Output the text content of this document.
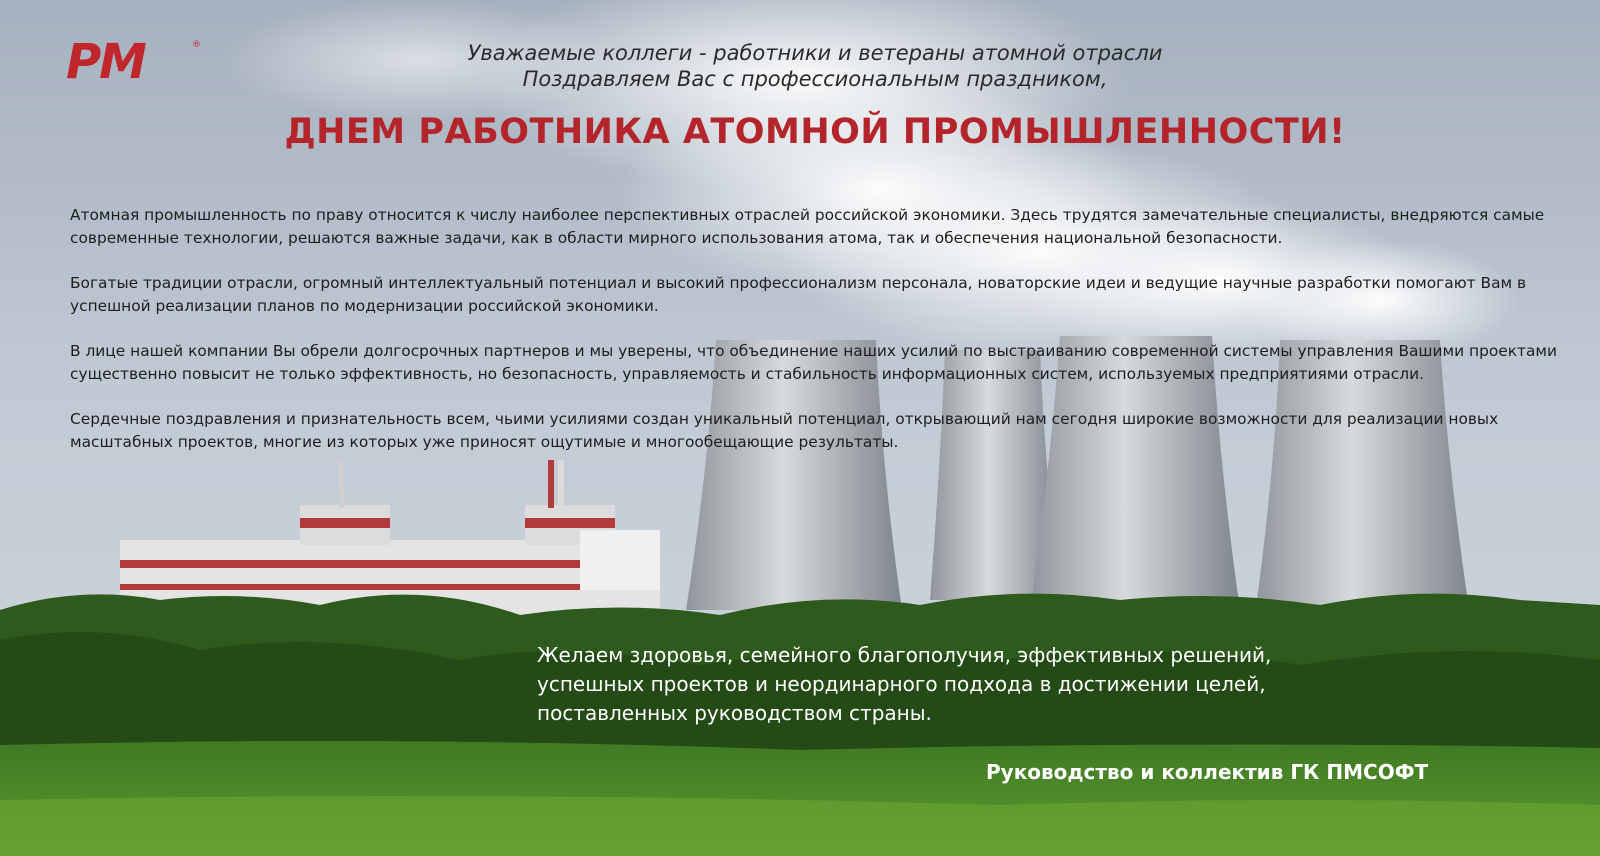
PM	®	Уважаемые коллеги - работники и ветераны атомной отрасли
Поздравляем Вас с профессиональным праздником,
ДНЕМ РАБОТНИКА АТОМНОЙ ПРОМЫШЛЕННОСТИ!

Атомная промышленность по праву относится к числу наиболее перспективных отраслей российской экономики. Здесь трудятся замечательные специалисты, внедряются самые современные технологии, решаются важные задачи, как в области мирного использования атома, так и обеспечения национальной безопасности.

Богатые традиции отрасли, огромный интеллектуальный потенциал и высокий профессионализм персонала, новаторские идеи и ведущие научные разработки помогают Вам в успешной реализации планов по модернизации российской экономики.

В лице нашей компании Вы обрели долгосрочных партнеров и мы уверены, что объединение наших усилий по выстраиванию современной системы управления Вашими проектами существенно повысит не только эффективность, но безопасность, управляемость и стабильность информационных систем, используемых предприятиями отрасли.

Сердечные поздравления и признательность всем, чьими усилиями создан уникальный потенциал, открывающий нам сегодня широкие возможности для реализации новых масштабных проектов, многие из которых уже приносят ощутимые и многообещающие результаты.

Желаем здоровья, семейного благополучия, эффективных решений,
успешных проектов и неординарного подхода в достижении целей,
поставленных руководством страны.
Руководство и коллектив ГК ПМСОФТ
